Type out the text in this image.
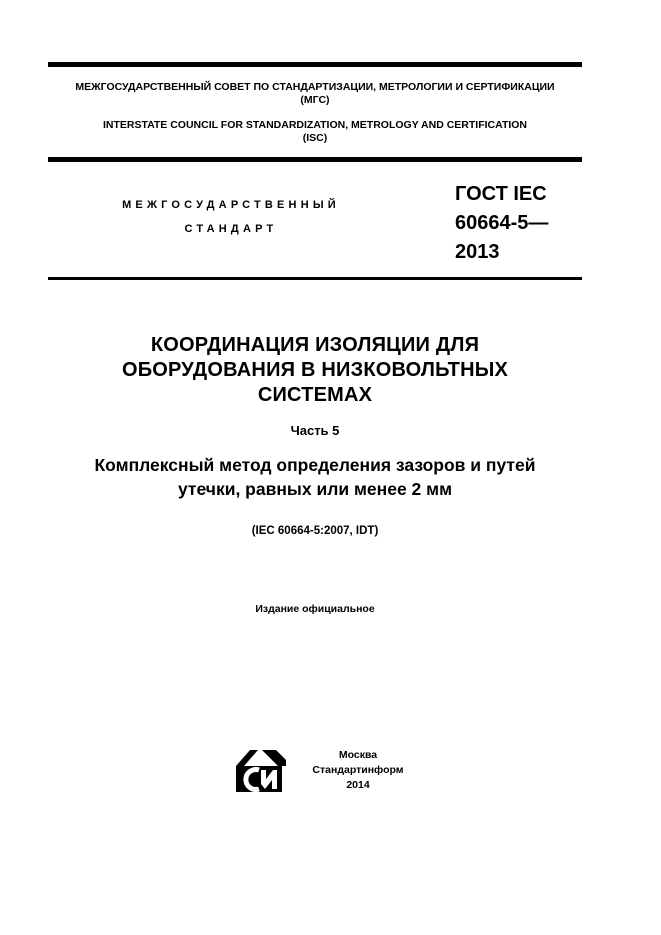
МЕЖГОСУДАРСТВЕННЫЙ СОВЕТ ПО СТАНДАРТИЗАЦИИ, МЕТРОЛОГИИ И СЕРТИФИКАЦИИ
(МГС)
INTERSTATE COUNCIL FOR STANDARDIZATION, METROLOGY AND CERTIFICATION
(ISC)
МЕЖГОСУДАРСТВЕННЫЙ
СТАНДАРТ
ГОСТ IEC
60664-5—
2013
КООРДИНАЦИЯ ИЗОЛЯЦИИ ДЛЯ
ОБОРУДОВАНИЯ В НИЗКОВОЛЬТНЫХ
СИСТЕМАХ
Часть 5
Комплексный метод определения зазоров и путей
утечки, равных или менее 2 мм
(IEC 60664-5:2007, IDT)
Издание официальное
Москва
Стандартинформ
2014
